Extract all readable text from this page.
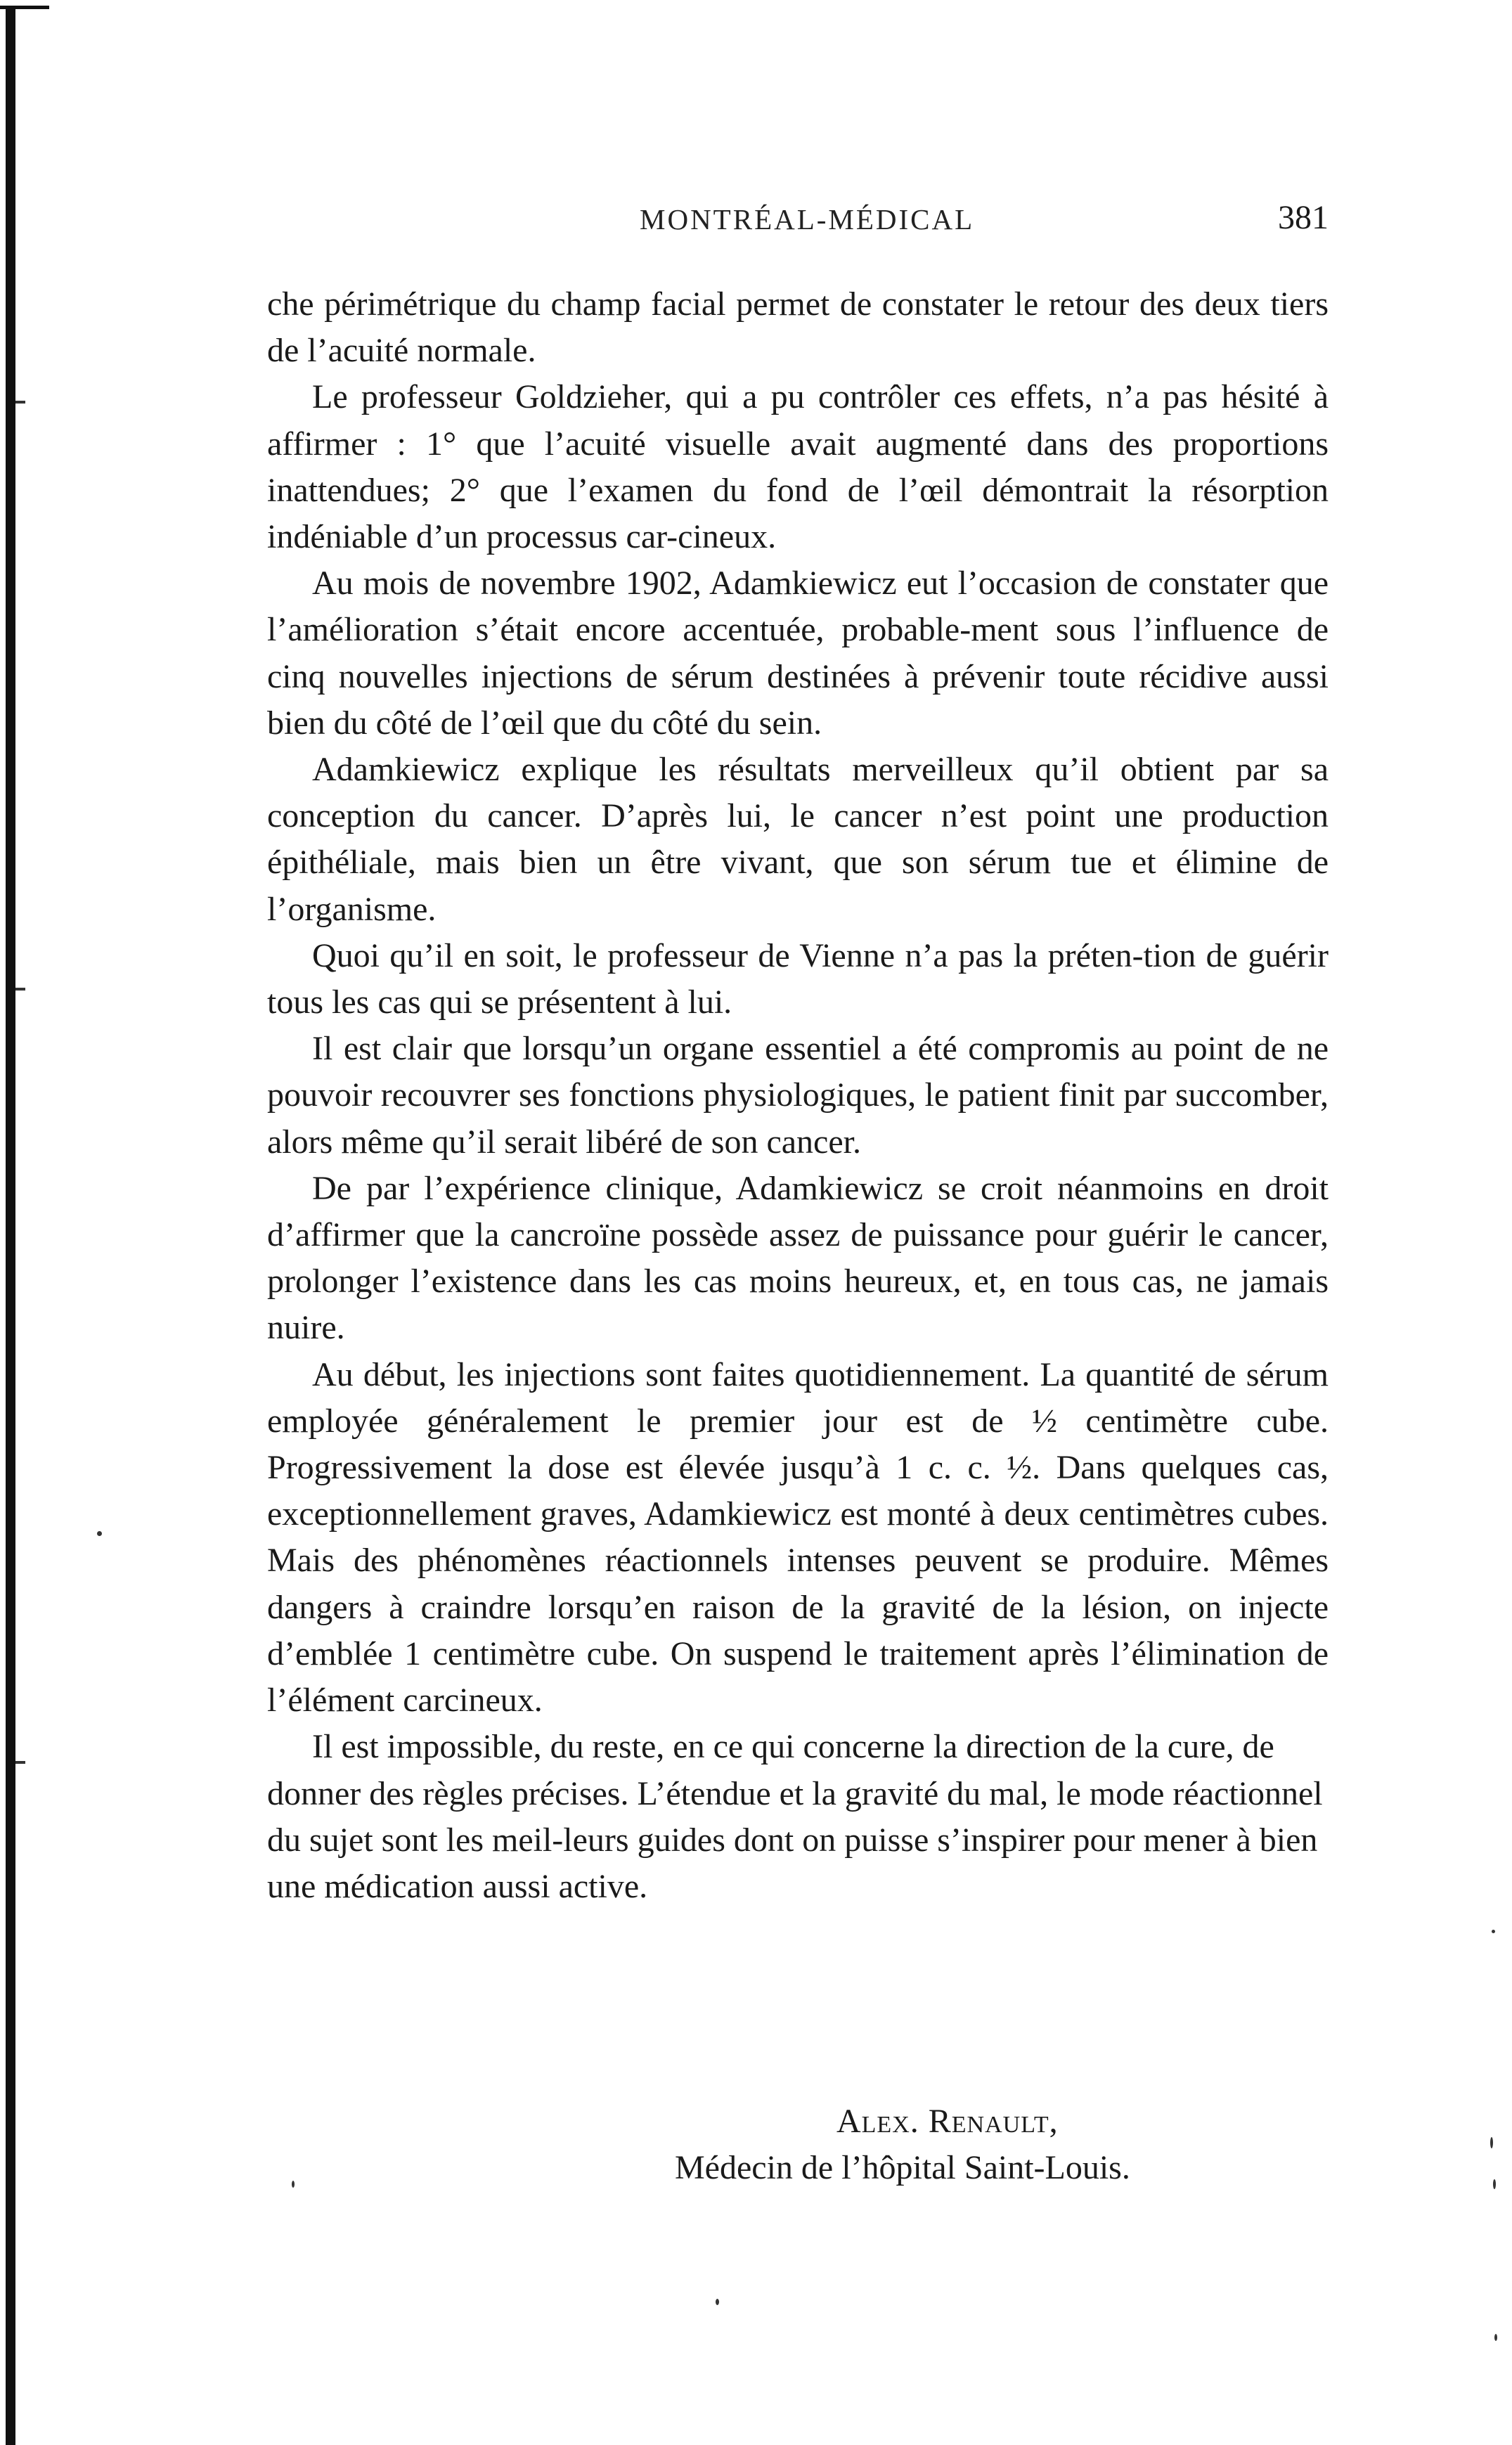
MONTRÉAL-MÉDICAL	381

che périmétrique du champ facial permet de constater le retour des deux tiers de l’acuité normale.

Le professeur Goldzieher, qui a pu contrôler ces effets, n’a pas hésité à affirmer : 1° que l’acuité visuelle avait augmenté dans des proportions inattendues; 2° que l’examen du fond de l’œil démontrait la résorption indéniable d’un processus car-cineux.

Au mois de novembre 1902, Adamkiewicz eut l’occasion de constater que l’amélioration s’était encore accentuée, probable-ment sous l’influence de cinq nouvelles injections de sérum destinées à prévenir toute récidive aussi bien du côté de l’œil que du côté du sein.

Adamkiewicz explique les résultats merveilleux qu’il obtient par sa conception du cancer. D’après lui, le cancer n’est point une production épithéliale, mais bien un être vivant, que son sérum tue et élimine de l’organisme.

Quoi qu’il en soit, le professeur de Vienne n’a pas la préten-tion de guérir tous les cas qui se présentent à lui.

Il est clair que lorsqu’un organe essentiel a été compromis au point de ne pouvoir recouvrer ses fonctions physiologiques, le patient finit par succomber, alors même qu’il serait libéré de son cancer.

De par l’expérience clinique, Adamkiewicz se croit néanmoins en droit d’affirmer que la cancroïne possède assez de puissance pour guérir le cancer, prolonger l’existence dans les cas moins heureux, et, en tous cas, ne jamais nuire.

Au début, les injections sont faites quotidiennement. La quantité de sérum employée généralement le premier jour est de ½ centimètre cube. Progressivement la dose est élevée jusqu’à 1 c. c. ½. Dans quelques cas, exceptionnellement graves, Adamkiewicz est monté à deux centimètres cubes. Mais des phénomènes réactionnels intenses peuvent se produire. Mêmes dangers à craindre lorsqu’en raison de la gravité de la lésion, on injecte d’emblée 1 centimètre cube. On suspend le traitement après l’élimination de l’élément carcineux.

Il est impossible, du reste, en ce qui concerne la direction de la cure, de donner des règles précises. L’étendue et la gravité du mal, le mode réactionnel du sujet sont les meil-leurs guides dont on puisse s’inspirer pour mener à bien une médication aussi active.

Alex. Renault,
Médecin de l’hôpital Saint-Louis.
